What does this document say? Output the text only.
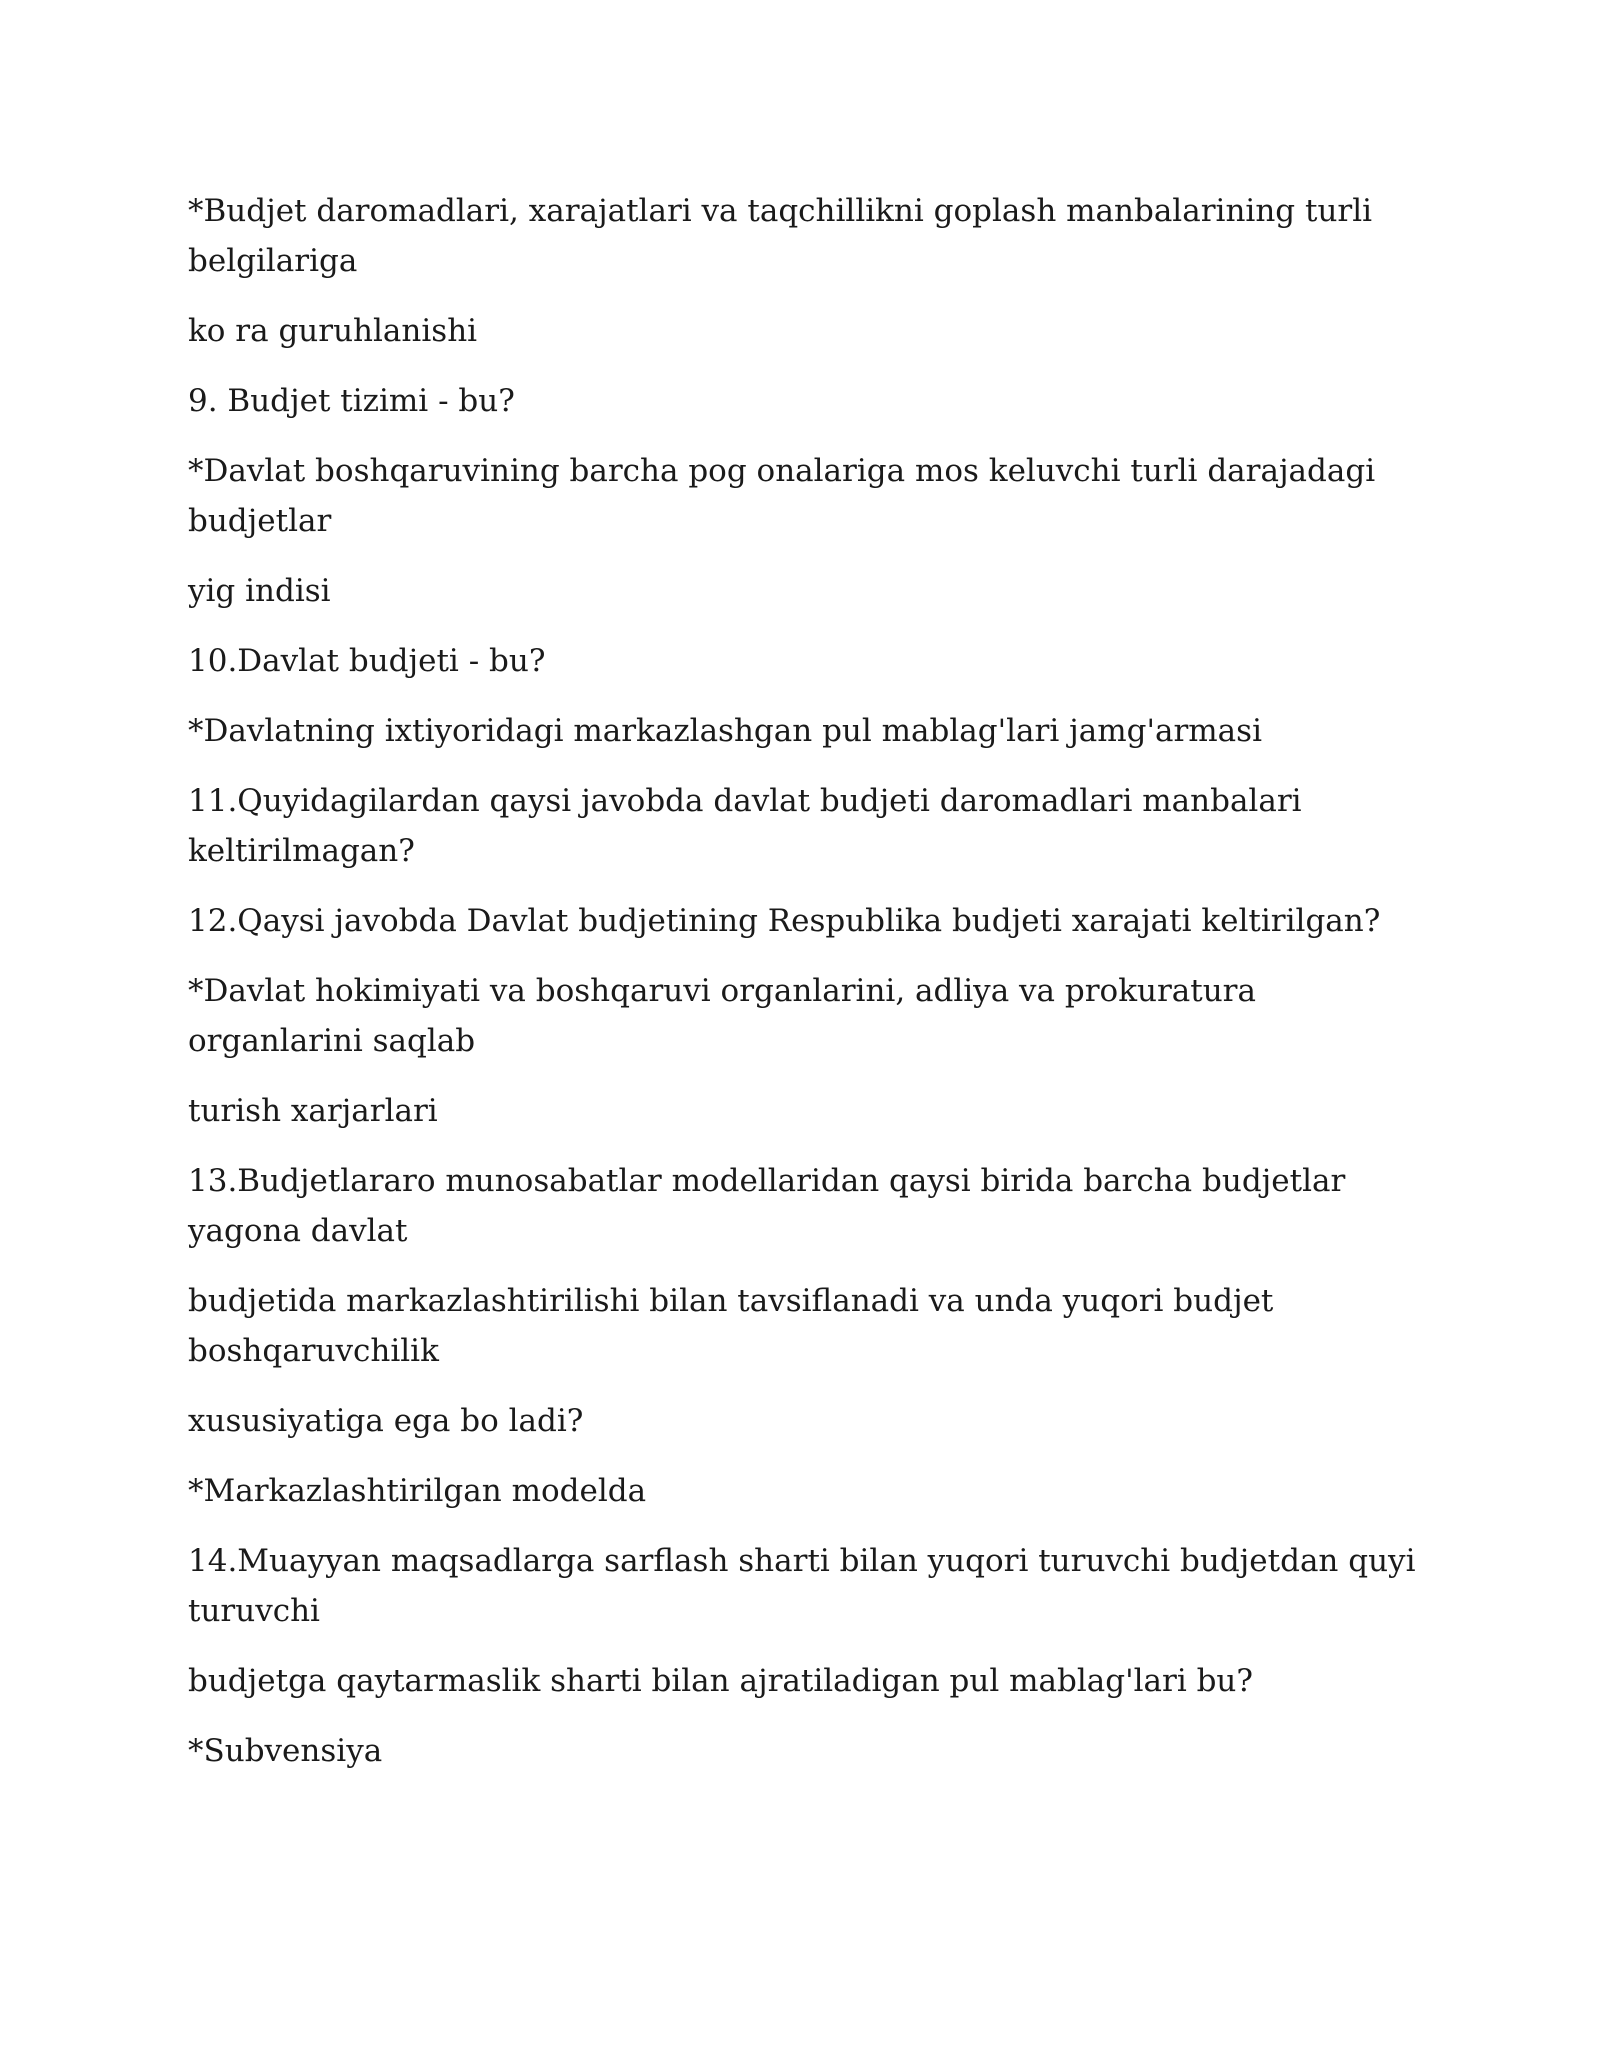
*Budjet daromadlari, xarajatlari va taqchillikni goplash manbalarining turli belgilariga

ko ra guruhlanishi

9. Budjet tizimi - bu?

*Davlat boshqaruvining barcha pog onalariga mos keluvchi turli darajadagi budjetlar

yig indisi

10.Davlat budjeti - bu?

*Davlatning ixtiyoridagi markazlashgan pul mablag'lari jamg'armasi

11.Quyidagilardan qaysi javobda davlat budjeti daromadlari manbalari keltirilmagan?

12.Qaysi javobda Davlat budjetining Respublika budjeti xarajati keltirilgan?

*Davlat hokimiyati va boshqaruvi organlarini, adliya va prokuratura organlarini saqlab

turish xarjarlari

13.Budjetlararo munosabatlar modellaridan qaysi birida barcha budjetlar yagona davlat

budjetida markazlashtirilishi bilan tavsiflanadi va unda yuqori budjet boshqaruvchilik

xususiyatiga ega bo ladi?

*Markazlashtirilgan modelda

14.Muayyan maqsadlarga sarflash sharti bilan yuqori turuvchi budjetdan quyi turuvchi

budjetga qaytarmaslik sharti bilan ajratiladigan pul mablag'lari bu?

*Subvensiya
